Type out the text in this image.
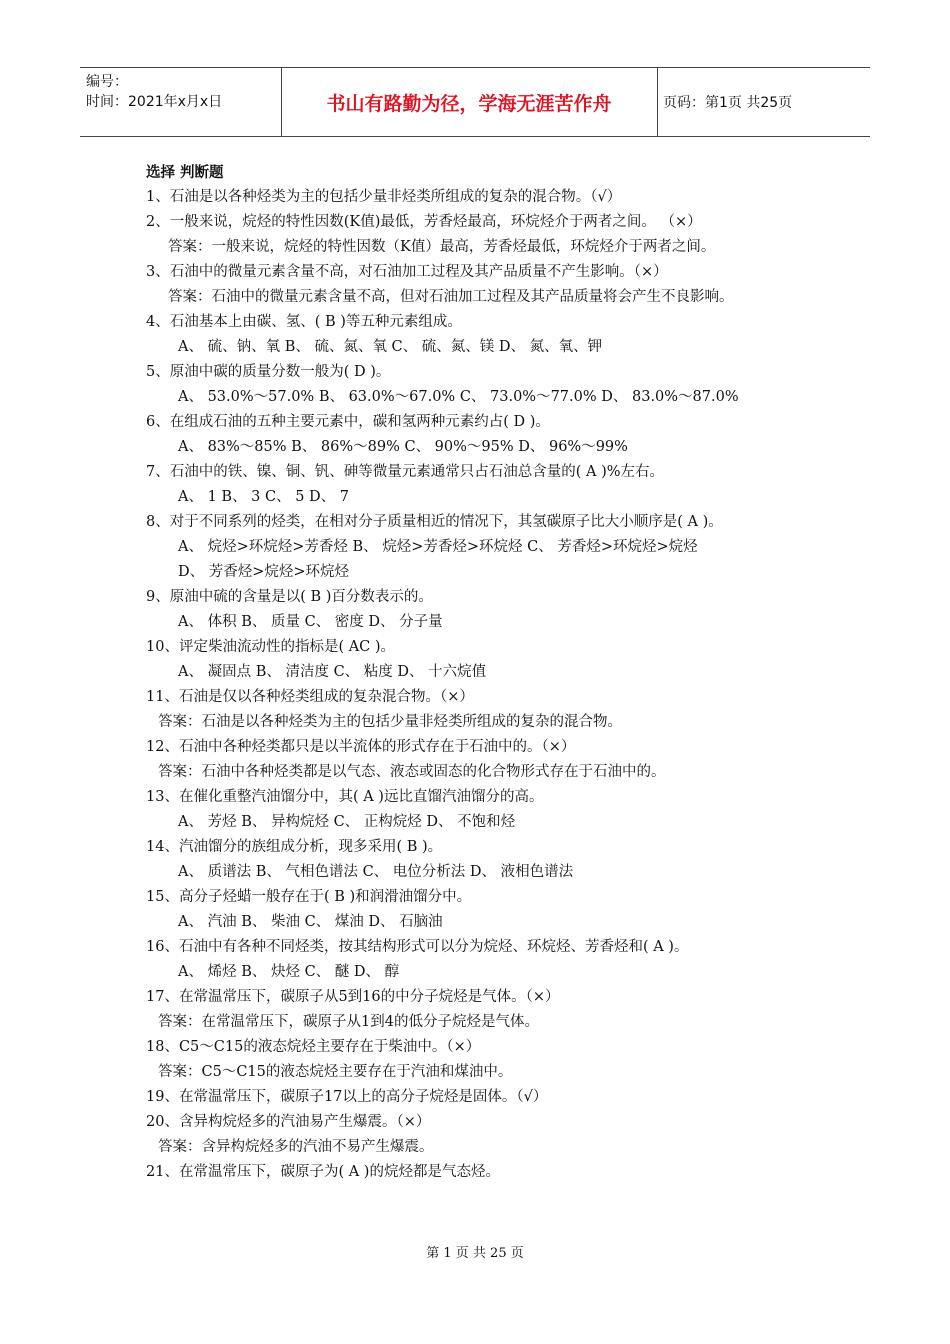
编号：
时间：2021年x月x日	书山有路勤为径，学海无涯苦作舟	页码：第1页 共25页
选择 判断题
1、石油是以各种烃类为主的包括少量非烃类所组成的复杂的混合物。（√）
2、一般来说，烷烃的特性因数(K值)最低，芳香烃最高，环烷烃介于两者之间。 （×）
答案：一般来说，烷烃的特性因数（K值）最高，芳香烃最低，环烷烃介于两者之间。
3、石油中的微量元素含量不高，对石油加工过程及其产品质量不产生影响。（×）
答案：石油中的微量元素含量不高，但对石油加工过程及其产品质量将会产生不良影响。
4、石油基本上由碳、氢、( B )等五种元素组成。
A、 硫、钠、氧 B、 硫、氮、氧 C、 硫、氮、镁 D、 氮、氧、钾
5、原油中碳的质量分数一般为( D )。
A、 53.0%～57.0% B、 63.0%～67.0% C、 73.0%～77.0% D、 83.0%～87.0%
6、在组成石油的五种主要元素中，碳和氢两种元素约占( D )。
A、 83%～85% B、 86%～89% C、 90%～95% D、 96%～99%
7、石油中的铁、镍、铜、钒、砷等微量元素通常只占石油总含量的( A )%左右。
A、 1 B、 3 C、 5 D、 7
8、对于不同系列的烃类，在相对分子质量相近的情况下，其氢碳原子比大小顺序是( A )。
A、 烷烃>环烷烃>芳香烃 B、 烷烃>芳香烃>环烷烃 C、 芳香烃>环烷烃>烷烃
D、 芳香烃>烷烃>环烷烃
9、原油中硫的含量是以( B )百分数表示的。
A、 体积 B、 质量 C、 密度 D、 分子量
10、评定柴油流动性的指标是( AC )。
A、 凝固点 B、 清洁度 C、 粘度 D、 十六烷值
11、石油是仅以各种烃类组成的复杂混合物。（×）
答案：石油是以各种烃类为主的包括少量非烃类所组成的复杂的混合物。
12、石油中各种烃类都只是以半流体的形式存在于石油中的。（×）
答案：石油中各种烃类都是以气态、液态或固态的化合物形式存在于石油中的。
13、在催化重整汽油馏分中，其( A )远比直馏汽油馏分的高。
A、 芳烃 B、 异构烷烃 C、 正构烷烃 D、 不饱和烃
14、汽油馏分的族组成分析，现多采用( B )。
A、 质谱法 B、 气相色谱法 C、 电位分析法 D、 液相色谱法
15、高分子烃蜡一般存在于( B )和润滑油馏分中。
A、 汽油 B、 柴油 C、 煤油 D、 石脑油
16、石油中有各种不同烃类，按其结构形式可以分为烷烃、环烷烃、芳香烃和( A )。
A、 烯烃 B、 炔烃 C、 醚 D、 醇
17、在常温常压下，碳原子从5到16的中分子烷烃是气体。（×）
答案：在常温常压下，碳原子从1到4的低分子烷烃是气体。
18、C5～C15的液态烷烃主要存在于柴油中。（×）
答案：C5～C15的液态烷烃主要存在于汽油和煤油中。
19、在常温常压下，碳原子17以上的高分子烷烃是固体。（√）
20、含异构烷烃多的汽油易产生爆震。（×）
答案：含异构烷烃多的汽油不易产生爆震。
21、在常温常压下，碳原子为( A )的烷烃都是气态烃。
第 1 页 共 25 页
